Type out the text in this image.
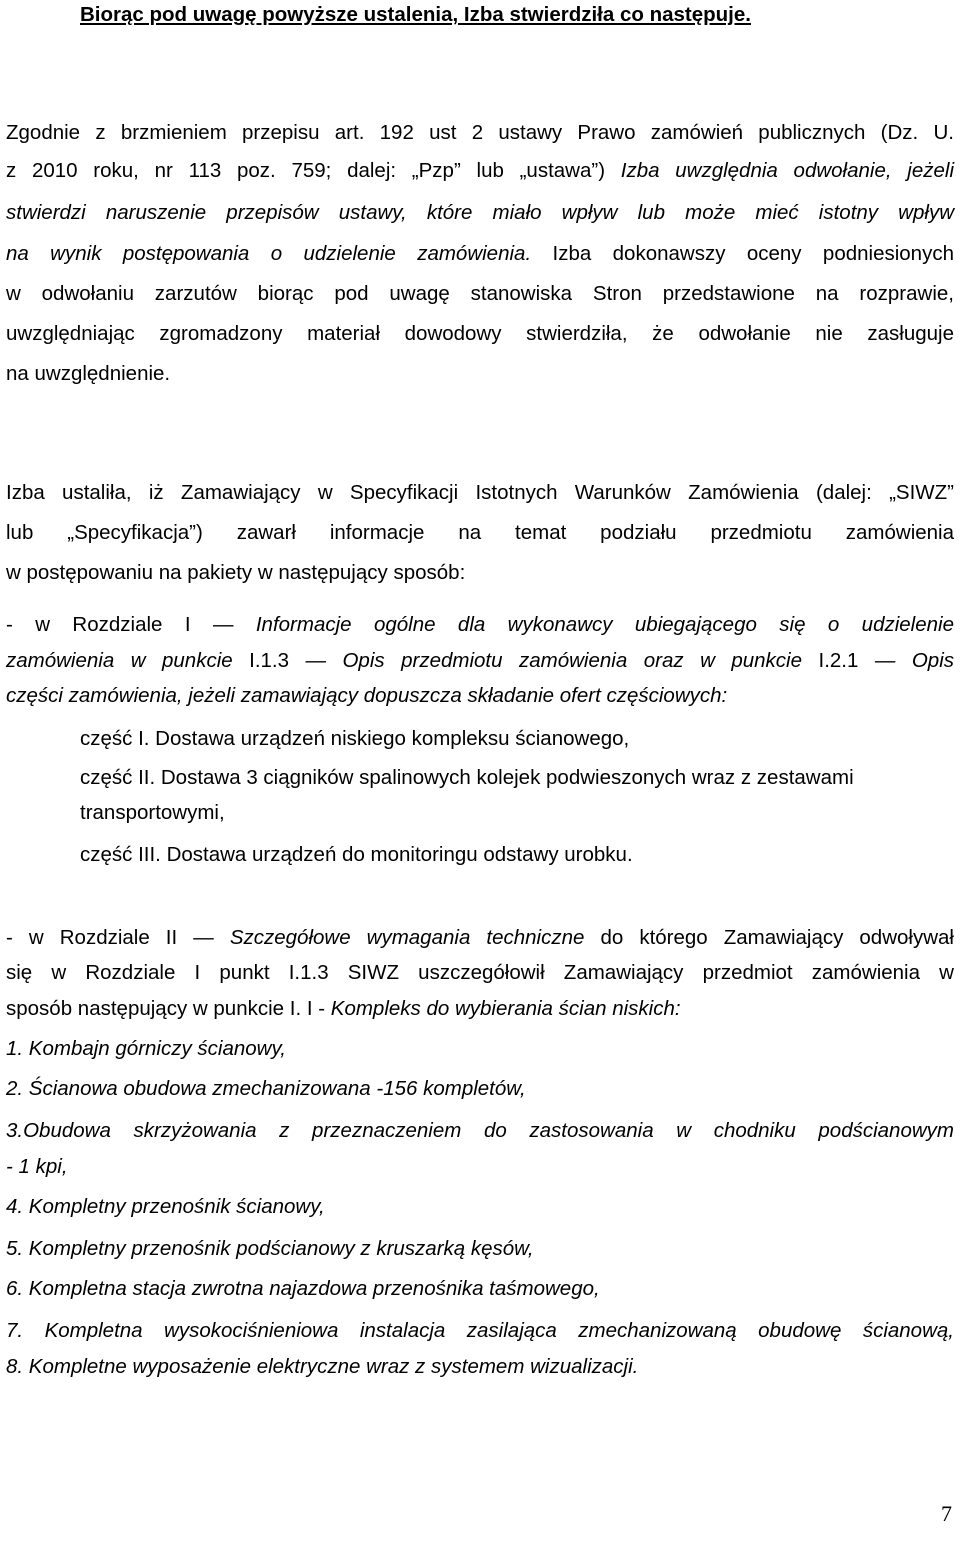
Biorąc pod uwagę powyższe ustalenia, Izba stwierdziła co następuje.
Zgodnie z brzmieniem przepisu art. 192 ust 2 ustawy Prawo zamówień publicznych (Dz. U.
z 2010 roku, nr 113 poz. 759; dalej: „Pzp” lub „ustawa”) Izba uwzględnia odwołanie, jeżeli
stwierdzi naruszenie przepisów ustawy, które miało wpływ lub może mieć istotny wpływ
na wynik postępowania o udzielenie zamówienia. Izba dokonawszy oceny podniesionych
w odwołaniu zarzutów biorąc pod uwagę stanowiska Stron przedstawione na rozprawie,
uwzględniając zgromadzony materiał dowodowy stwierdziła, że odwołanie nie zasługuje
na uwzględnienie.
Izba ustaliła, iż Zamawiający w Specyfikacji Istotnych Warunków Zamówienia (dalej: „SIWZ”
lub „Specyfikacja”) zawarł informacje na temat podziału przedmiotu zamówienia
w postępowaniu na pakiety w następujący sposób:
- w Rozdziale I — Informacje ogólne dla wykonawcy ubiegającego się o udzielenie
zamówienia w punkcie I.1.3 — Opis przedmiotu zamówienia oraz w punkcie I.2.1 — Opis
części zamówienia, jeżeli zamawiający dopuszcza składanie ofert częściowych:
część I. Dostawa urządzeń niskiego kompleksu ścianowego,
część II. Dostawa 3 ciągników spalinowych kolejek podwieszonych wraz z zestawami
transportowymi,
część III. Dostawa urządzeń do monitoringu odstawy urobku.
- w Rozdziale II — Szczegółowe wymagania techniczne do którego Zamawiający odwoływał
się w Rozdziale I punkt I.1.3 SIWZ uszczegółowił Zamawiający przedmiot zamówienia w
sposób następujący w punkcie I. I - Kompleks do wybierania ścian niskich:
1. Kombajn górniczy ścianowy,
2. Ścianowa obudowa zmechanizowana -156 kompletów,
3.Obudowa skrzyżowania z przeznaczeniem do zastosowania w chodniku podścianowym
- 1 kpi,
4. Kompletny przenośnik ścianowy,
5. Kompletny przenośnik podścianowy z kruszarką kęsów,
6. Kompletna stacja zwrotna najazdowa przenośnika taśmowego,
7. Kompletna wysokociśnieniowa instalacja zasilająca zmechanizowaną obudowę ścianową,
8. Kompletne wyposażenie elektryczne wraz z systemem wizualizacji.
7
